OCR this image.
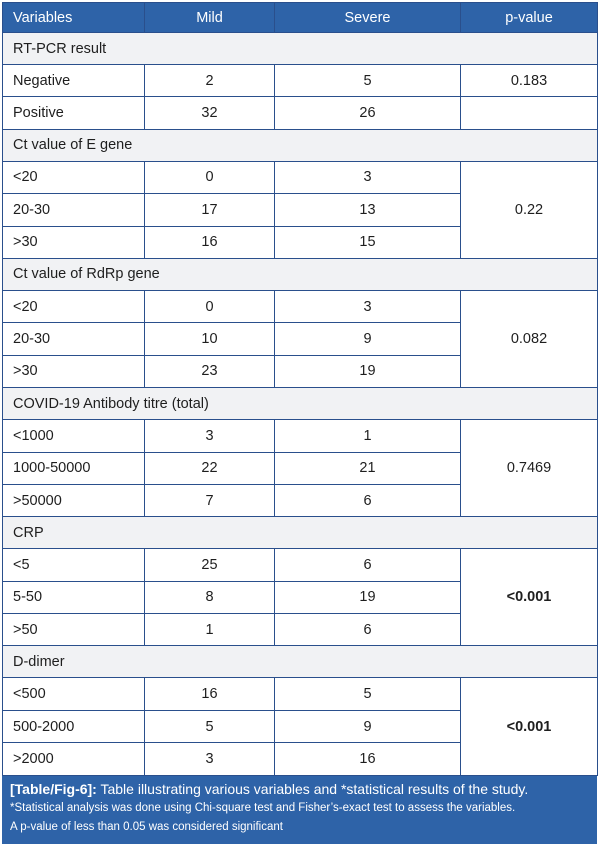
Variables	Mild	Severe	p-value
RT-PCR result			
Negative	2	5	0.183
Positive	32	26	
Ct value of E gene			
<20	0	3	0.22
20-30	17	13	
>30	16	15	
Ct value of RdRp gene			
<20	0	3	0.082
20-30	10	9	
>30	23	19	
COVID-19 Antibody titre (total)			
<1000	3	1	0.7469
1000-50000	22	21	
>50000	7	6	
CRP			
<5	25	6	<0.001
5-50	8	19	
>50	1	6	
D-dimer			
<500	16	5	<0.001
500-2000	5	9	
>2000	3	16	
[Table/Fig-6]: Table illustrating various variables and *statistical results of the study.
*Statistical analysis was done using Chi-square test and Fisher’s-exact test to assess the variables.
A p-value of less than 0.05 was considered significant
